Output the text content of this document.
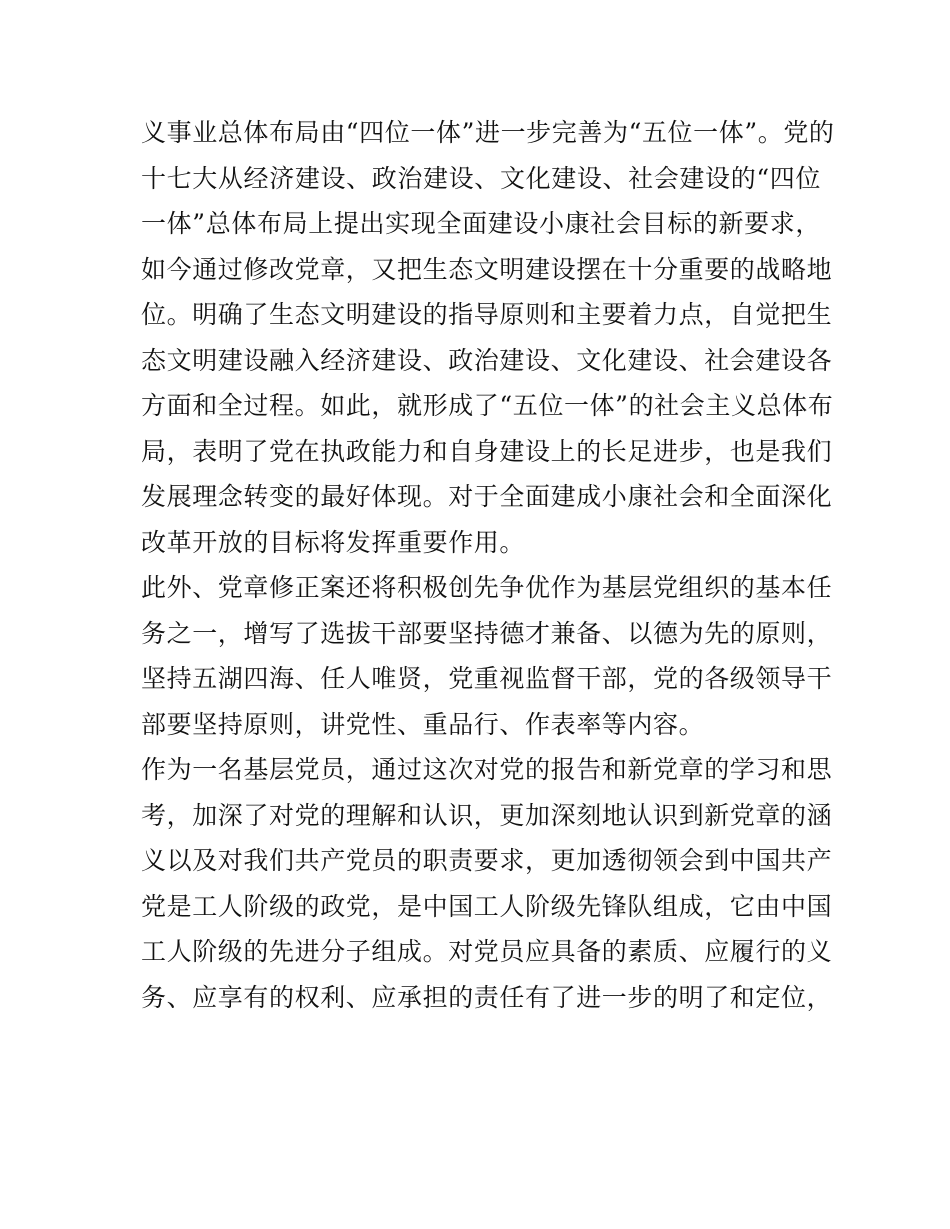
义事业总体布局由“四位一体”进一步完善为“五位一体”。党的
十七大从经济建设、政治建设、文化建设、社会建设的“四位
一体”总体布局上提出实现全面建设小康社会目标的新要求，
如今通过修改党章，又把生态文明建设摆在十分重要的战略地
位。明确了生态文明建设的指导原则和主要着力点，自觉把生
态文明建设融入经济建设、政治建设、文化建设、社会建设各
方面和全过程。如此，就形成了“五位一体”的社会主义总体布
局，表明了党在执政能力和自身建设上的长足进步，也是我们
发展理念转变的最好体现。对于全面建成小康社会和全面深化
改革开放的目标将发挥重要作用。
此外、党章修正案还将积极创先争优作为基层党组织的基本任
务之一，增写了选拔干部要坚持德才兼备、以德为先的原则，
坚持五湖四海、任人唯贤，党重视监督干部，党的各级领导干
部要坚持原则，讲党性、重品行、作表率等内容。
作为一名基层党员，通过这次对党的报告和新党章的学习和思
考，加深了对党的理解和认识，更加深刻地认识到新党章的涵
义以及对我们共产党员的职责要求，更加透彻领会到中国共产
党是工人阶级的政党，是中国工人阶级先锋队组成，它由中国
工人阶级的先进分子组成。对党员应具备的素质、应履行的义
务、应享有的权利、应承担的责任有了进一步的明了和定位，
